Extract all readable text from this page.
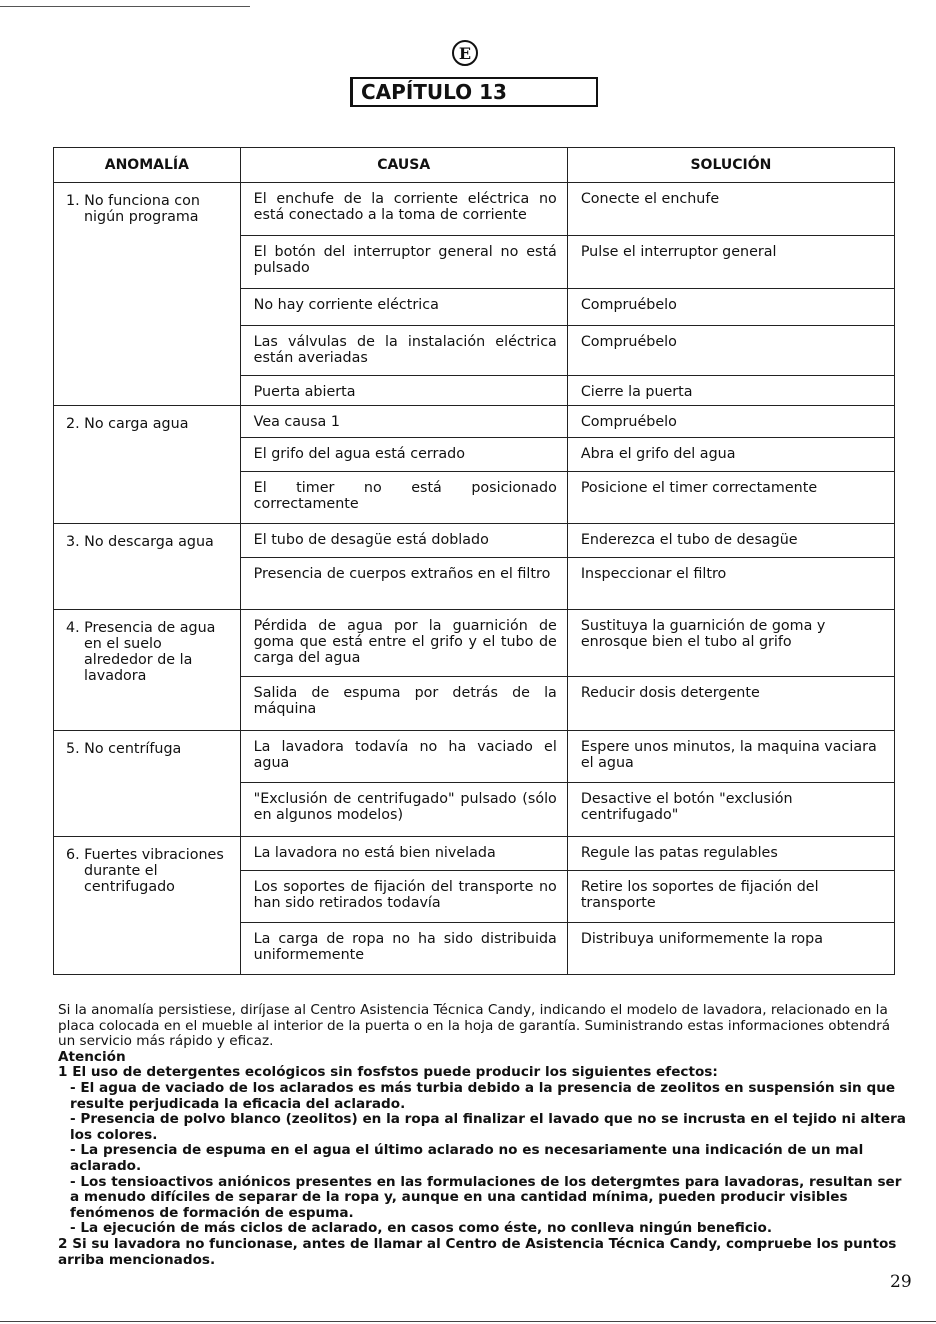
E
CAPÍTULO 13
ANOMALÍA	CAUSA	SOLUCIÓN

1. No funciona con nigún programa	El enchufe de la corriente eléctrica no está conectado a la toma de corriente	Conecte el enchufe
	El botón del interruptor general no está pulsado	Pulse el interruptor general
	No hay corriente eléctrica	Compruébelo
	Las válvulas de la instalación eléctrica están averiadas	Compruébelo
	Puerta abierta	Cierre la puerta

2. No carga agua	Vea causa 1	Compruébelo
	El grifo del agua está cerrado	Abra el grifo del agua
	El timer no está posicionado correctamente	Posicione el timer correctamente

3. No descarga agua	El tubo de desagüe está doblado	Enderezca el tubo de desagüe
	Presencia de cuerpos extraños en el filtro	Inspeccionar el filtro

4. Presencia de agua en el suelo alrededor de la lavadora	Pérdida de agua por la guarnición de goma que está entre el grifo y el tubo de carga del agua	Sustituya la guarnición de goma y enrosque bien el tubo al grifo
	Salida de espuma por detrás de la máquina	Reducir dosis detergente

5. No centrífuga	La lavadora todavía no ha vaciado el agua	Espere unos minutos, la maquina vaciara el agua
	"Exclusión de centrifugado" pulsado (sólo en algunos modelos)	Desactive el botón "exclusión centrifugado"

6. Fuertes vibraciones durante el centrifugado	La lavadora no está bien nivelada	Regule las patas regulables
	Los soportes de fijación del transporte no han sido retirados todavía	Retire los soportes de fijación del transporte
	La carga de ropa no ha sido distribuida uniformemente	Distribuya uniformemente la ropa

Si la anomalía persistiese, diríjase al Centro Asistencia Técnica Candy, indicando el modelo de lavadora, relacionado en la placa colocada en el mueble al interior de la puerta o en la hoja de garantía. Suministrando estas informaciones obtendrá un servicio más rápido y eficaz.

Atención

1 El uso de detergentes ecológicos sin fosfstos puede producir los siguientes efectos:

- El agua de vaciado de los aclarados es más turbia debido a la presencia de zeolitos en suspensión sin que resulte perjudicada la eficacia del aclarado.

- Presencia de polvo blanco (zeolitos) en la ropa al finalizar el lavado que no se incrusta en el tejido ni altera los colores.

- La presencia de espuma en el agua el último aclarado no es necesariamente una indicación de un mal aclarado.

- Los tensioactivos aniónicos presentes en las formulaciones de los detergmtes para lavadoras, resultan ser a menudo difíciles de separar de la ropa y, aunque en una cantidad mínima, pueden producir visibles fenómenos de formación de espuma.

- La ejecución de más ciclos de aclarado, en casos como éste, no conlleva ningún beneficio.

2 Si su lavadora no funcionase, antes de llamar al Centro de Asistencia Técnica Candy, compruebe los puntos arriba mencionados.

29
